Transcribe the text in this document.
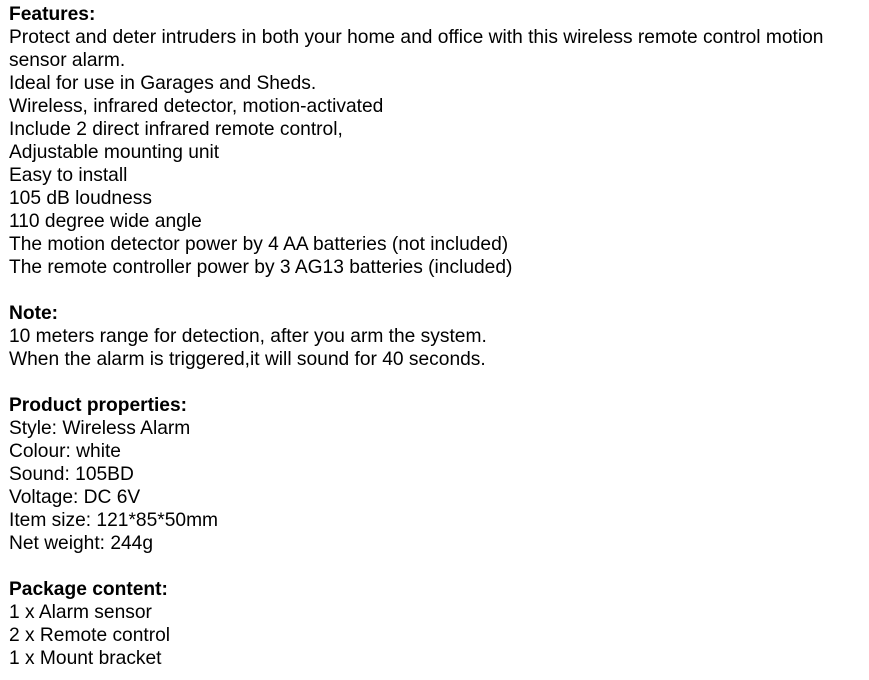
Features:

Protect and deter intruders in both your home and office with this wireless remote control motion sensor alarm.

Ideal for use in Garages and Sheds.

Wireless, infrared detector, motion-activated

Include 2 direct infrared remote control,

Adjustable mounting unit

Easy to install

105 dB loudness

110 degree wide angle

The motion detector power by 4 AA batteries (not included)

The remote controller power by 3 AG13 batteries (included)

Note:

10 meters range for detection, after you arm the system.

When the alarm is triggered,it will sound for 40 seconds.

Product properties:

Style: Wireless Alarm

Colour: white

Sound: 105BD

Voltage: DC 6V

Item size: 121*85*50mm

Net weight: 244g

Package content:

1 x Alarm sensor

2 x Remote control

1 x Mount bracket
